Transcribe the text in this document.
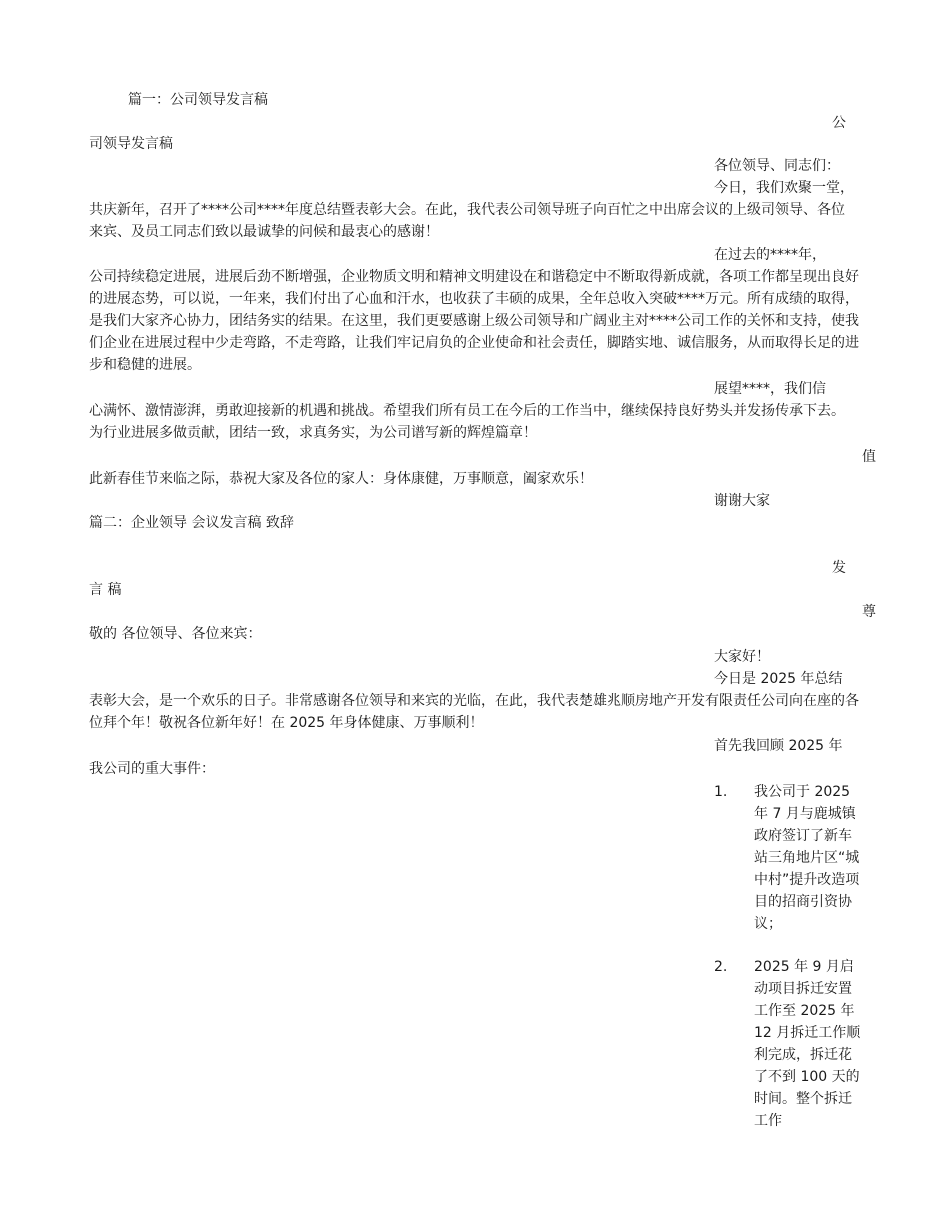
篇一：公司领导发言稿
公
司领导发言稿
各位领导、同志们：
今日，我们欢聚一堂，
共庆新年，召开了****公司****年度总结暨表彰大会。在此，我代表公司领导班子向百忙之中出席会议的上级司领导、各位来宾、及员工同志们致以最诚挚的问候和最衷心的感谢！
在过去的****年，
公司持续稳定进展，进展后劲不断增强，企业物质文明和精神文明建设在和谐稳定中不断取得新成就，各项工作都呈现出良好的进展态势，可以说，一年来，我们付出了心血和汗水，也收获了丰硕的成果，全年总收入突破****万元。所有成绩的取得，是我们大家齐心协力，团结务实的结果。在这里，我们更要感谢上级公司领导和广阔业主对****公司工作的关怀和支持，使我们企业在进展过程中少走弯路，不走弯路，让我们牢记肩负的企业使命和社会责任，脚踏实地、诚信服务，从而取得长足的进步和稳健的进展。
展望****，我们信
心满怀、激情澎湃，勇敢迎接新的机遇和挑战。希望我们所有员工在今后的工作当中，继续保持良好势头并发扬传承下去。为行业进展多做贡献，团结一致，求真务实，为公司谱写新的辉煌篇章！
值
此新春佳节来临之际，恭祝大家及各位的家人：身体康健，万事顺意，阖家欢乐！
谢谢大家
篇二：企业领导 会议发言稿 致辞
发
言 稿
尊
敬的 各位领导、各位来宾：
大家好！
今日是 2025 年总结
表彰大会，是一个欢乐的日子。非常感谢各位领导和来宾的光临，在此，我代表楚雄兆顺房地产开发有限责任公司向在座的各位拜个年！敬祝各位新年好！在 2025 年身体健康、万事顺利！
首先我回顾 2025 年
我公司的重大事件：
1. 我公司于 2025 年 7 月与鹿城镇政府签订了新车站三角地片区“城中村”提升改造项目的招商引资协议；
2. 2025 年 9 月启动项目拆迁安置工作至 2025 年 12 月拆迁工作顺利完成，拆迁花了不到 100 天的时间。整个拆迁工作
